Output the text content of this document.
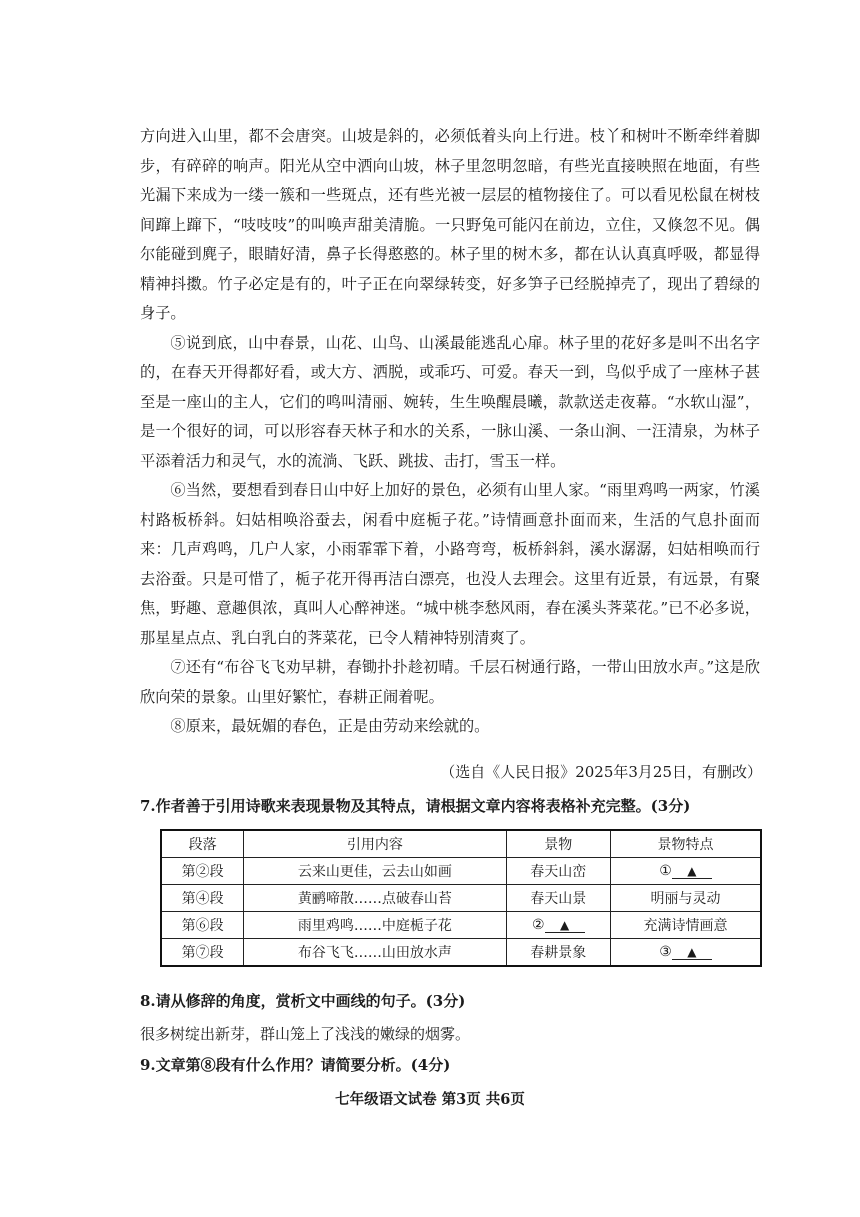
方向进入山里，都不会唐突。山坡是斜的，必须低着头向上行进。枝丫和树叶不断牵绊着脚步，有碎碎的响声。阳光从空中洒向山坡，林子里忽明忽暗，有些光直接映照在地面，有些光漏下来成为一缕一簇和一些斑点，还有些光被一层层的植物接住了。可以看见松鼠在树枝间蹿上蹿下，“吱吱吱”的叫唤声甜美清脆。一只野兔可能闪在前边，立住，又倏忽不见。偶尔能碰到麂子，眼睛好清，鼻子长得憨憨的。林子里的树木多，都在认认真真呼吸，都显得精神抖擞。竹子必定是有的，叶子正在向翠绿转变，好多笋子已经脱掉壳了，现出了碧绿的身子。

⑤说到底，山中春景，山花、山鸟、山溪最能逃乱心扉。林子里的花好多是叫不出名字的，在春天开得都好看，或大方、洒脱，或乖巧、可爱。春天一到，鸟似乎成了一座林子甚至是一座山的主人，它们的鸣叫清丽、婉转，生生唤醒晨曦，款款送走夜幕。“水软山湿”，是一个很好的词，可以形容春天林子和水的关系，一脉山溪、一条山涧、一汪清泉，为林子平添着活力和灵气，水的流淌、飞跃、跳拔、击打，雪玉一样。

⑥当然，要想看到春日山中好上加好的景色，必须有山里人家。“雨里鸡鸣一两家，竹溪村路板桥斜。妇姑相唤浴蚕去，闲看中庭栀子花。”诗情画意扑面而来，生活的气息扑面而来：几声鸡鸣，几户人家，小雨霏霏下着，小路弯弯，板桥斜斜，溪水潺潺，妇姑相唤而行去浴蚕。只是可惜了，栀子花开得再洁白漂亮，也没人去理会。这里有近景，有远景，有聚焦，野趣、意趣俱浓，真叫人心醉神迷。“城中桃李愁风雨，春在溪头荠菜花。”已不必多说，那星星点点、乳白乳白的荠菜花，已令人精神特别清爽了。

⑦还有“布谷飞飞劝早耕，春锄扑扑趁初晴。千层石树通行路，一带山田放水声。”这是欣欣向荣的景象。山里好繁忙，春耕正闹着呢。

⑧原来，最妩媚的春色，正是由劳动来绘就的。

（选自《人民日报》2025年3月25日，有删改）
7.作者善于引用诗歌来表现景物及其特点，请根据文章内容将表格补充完整。(3分)
段落	引用内容	景物	景物特点
第②段	云来山更佳，云去山如画	春天山峦	① ▲
第④段	黄鹂啼散……点破春山苔	春天山景	明丽与灵动
第⑥段	雨里鸡鸣……中庭栀子花	② ▲	充满诗情画意
第⑦段	布谷飞飞……山田放水声	春耕景象	③ ▲
8.请从修辞的角度，赏析文中画线的句子。(3分)
很多树绽出新芽，群山笼上了浅浅的嫩绿的烟雾。
9.文章第⑧段有什么作用？请简要分析。(4分)
七年级语文试卷 第3页 共6页
